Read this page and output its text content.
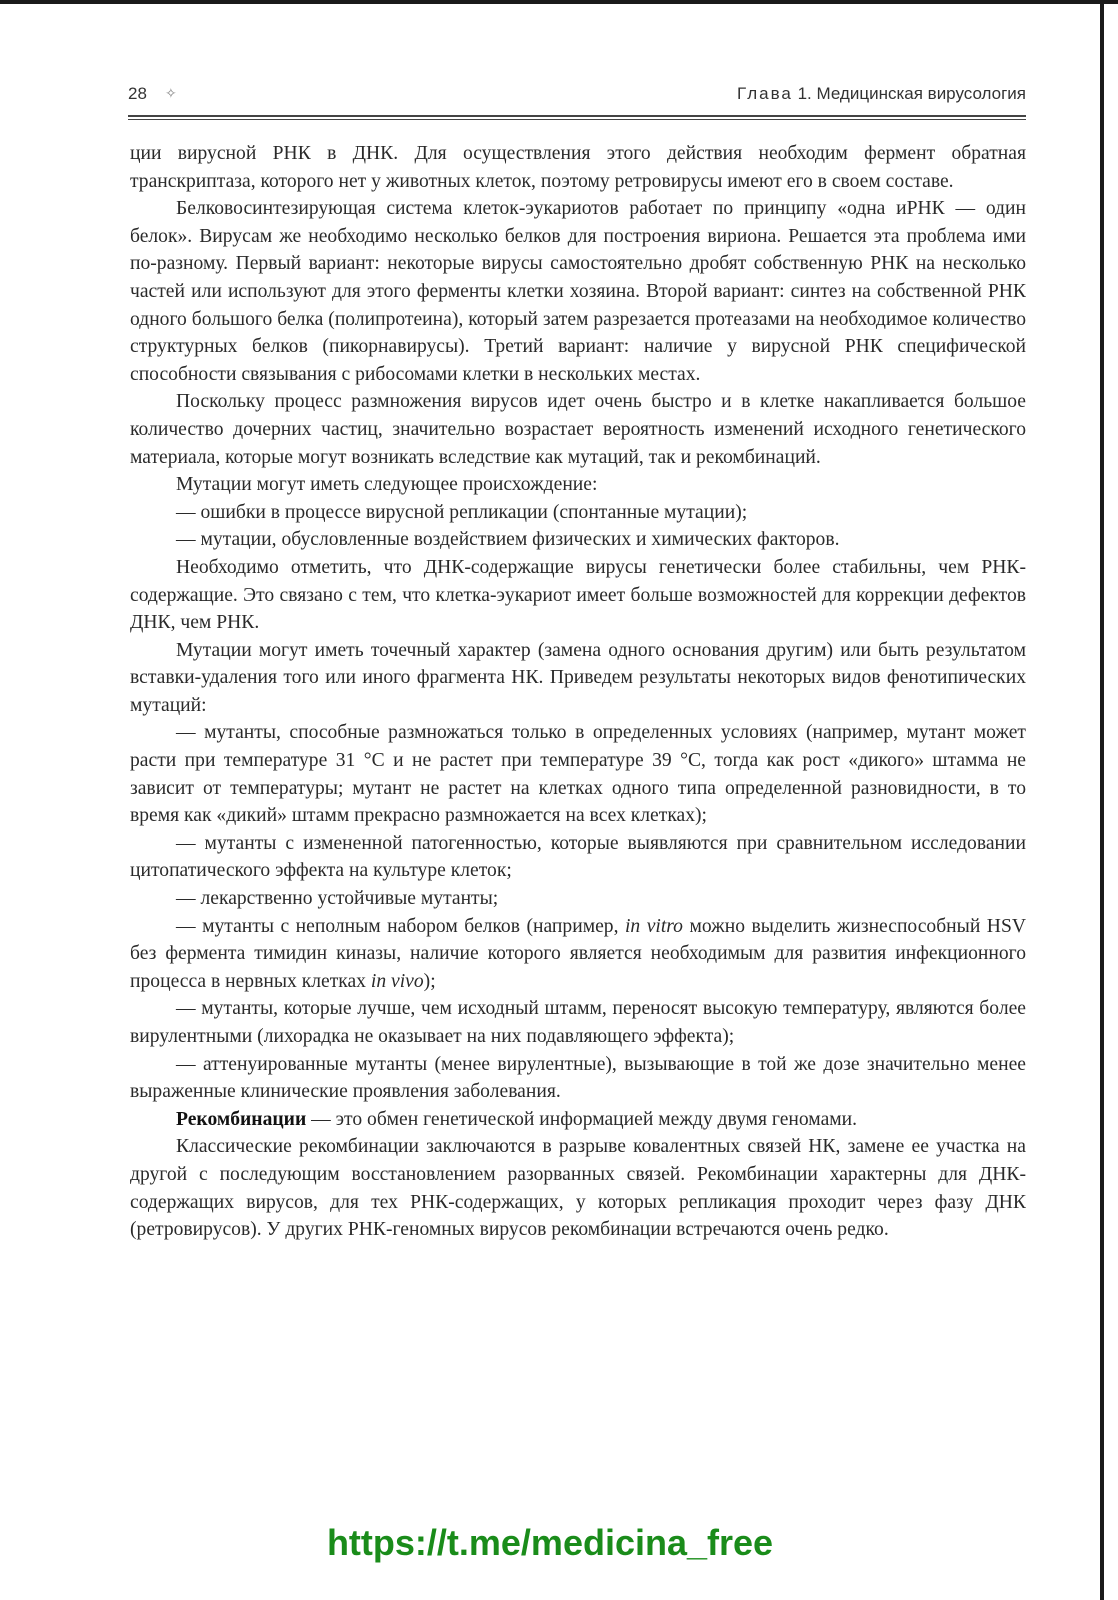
28 ✧	Глава 1. Медицинская вирусология

ции вирусной РНК в ДНК. Для осуществления этого действия необходим фермент обратная транскриптаза, которого нет у животных клеток, поэтому ретровирусы имеют его в своем составе.

Белковосинтезирующая система клеток-эукариотов работает по принципу «одна иРНК — один белок». Вирусам же необходимо несколько белков для построения вириона. Решается эта проблема ими по-разному. Первый вариант: некоторые вирусы самостоятельно дробят собственную РНК на несколько частей или используют для этого ферменты клетки хозяина. Второй вариант: синтез на собственной РНК одного большого белка (полипротеина), который затем разрезается протеазами на необходимое количество структурных белков (пикорнавирусы). Третий вариант: наличие у вирусной РНК специфической способности связывания с рибосомами клетки в нескольких местах.

Поскольку процесс размножения вирусов идет очень быстро и в клетке накапливается большое количество дочерних частиц, значительно возрастает вероятность изменений исходного генетического материала, которые могут возникать вследствие как мутаций, так и рекомбинаций.

Мутации могут иметь следующее происхождение:

— ошибки в процессе вирусной репликации (спонтанные мутации);

— мутации, обусловленные воздействием физических и химических факторов.

Необходимо отметить, что ДНК-содержащие вирусы генетически более стабильны, чем РНК-содержащие. Это связано с тем, что клетка-эукариот имеет больше возможностей для коррекции дефектов ДНК, чем РНК.

Мутации могут иметь точечный характер (замена одного основания другим) или быть результатом вставки-удаления того или иного фрагмента НК. Приведем результаты некоторых видов фенотипических мутаций:

— мутанты, способные размножаться только в определенных условиях (например, мутант может расти при температуре 31 °С и не растет при температуре 39 °С, тогда как рост «дикого» штамма не зависит от температуры; мутант не растет на клетках одного типа определенной разновидности, в то время как «дикий» штамм прекрасно размножается на всех клетках);

— мутанты с измененной патогенностью, которые выявляются при сравнительном исследовании цитопатического эффекта на культуре клеток;

— лекарственно устойчивые мутанты;

— мутанты с неполным набором белков (например, in vitro можно выделить жизнеспособный HSV без фермента тимидин киназы, наличие которого является необходимым для развития инфекционного процесса в нервных клетках in vivo);

— мутанты, которые лучше, чем исходный штамм, переносят высокую температуру, являются более вирулентными (лихорадка не оказывает на них подавляющего эффекта);

— аттенуированные мутанты (менее вирулентные), вызывающие в той же дозе значительно менее выраженные клинические проявления заболевания.

Рекомбинации — это обмен генетической информацией между двумя геномами.

Классические рекомбинации заключаются в разрыве ковалентных связей НК, замене ее участка на другой с последующим восстановлением разорванных связей. Рекомбинации характерны для ДНК-содержащих вирусов, для тех РНК-содержащих, у которых репликация проходит через фазу ДНК (ретровирусов). У других РНК-геномных вирусов рекомбинации встречаются очень редко.

https://t.me/medicina_free
